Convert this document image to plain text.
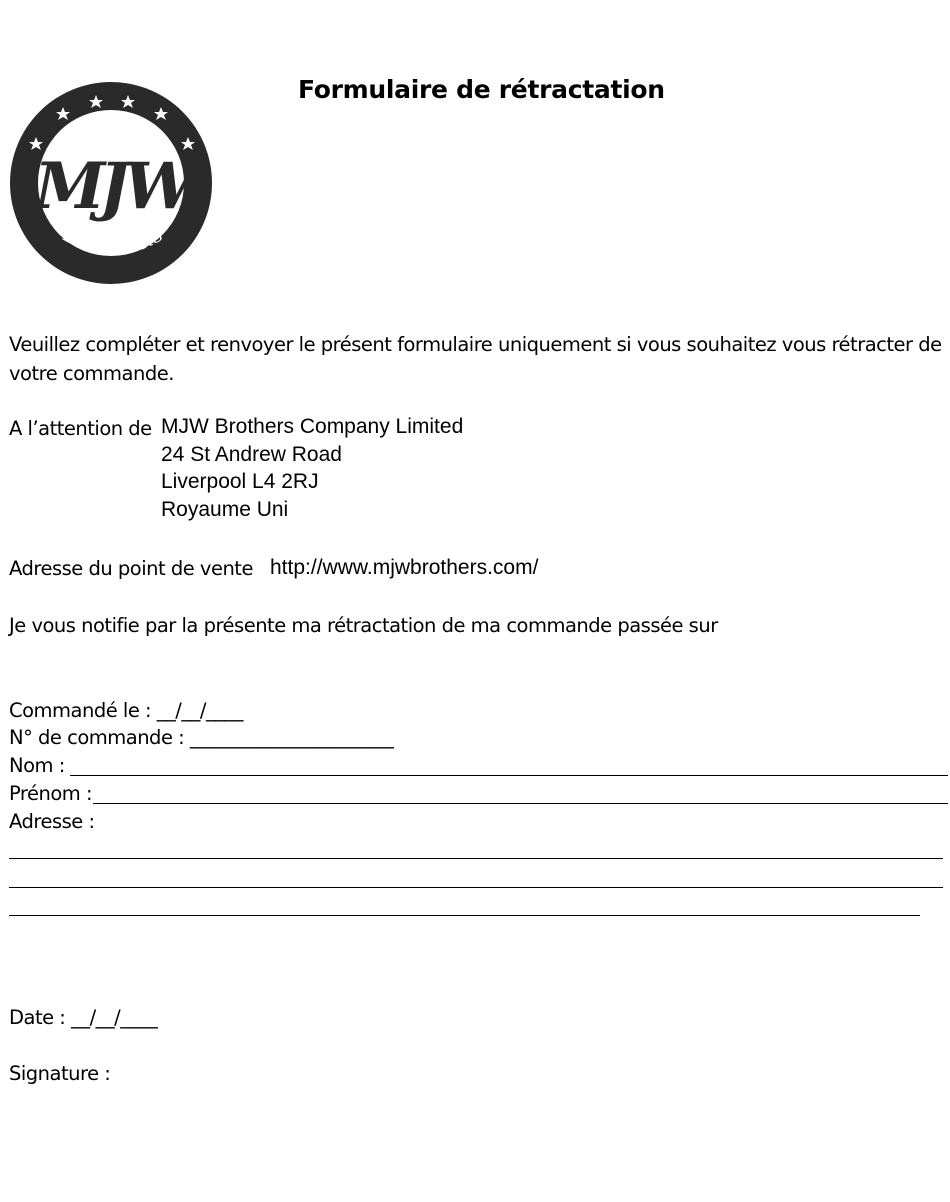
BROTHERS
MJW
Formulaire de rétractation
Veuillez compléter et renvoyer le présent formulaire uniquement si vous souhaitez vous rétracter de
votre commande.
A l’attention de MJW Brothers Company Limited
24 St Andrew Road
Liverpool L4 2RJ
Royaume Uni
Adresse du point de vente http://www.mjwbrothers.com/
Je vous notifie par la présente ma rétractation de ma commande passée sur
Commandé le : __/__/____
N° de commande : ______________________
Nom :
Prénom :
Adresse :
Date : __/__/____
Signature :
